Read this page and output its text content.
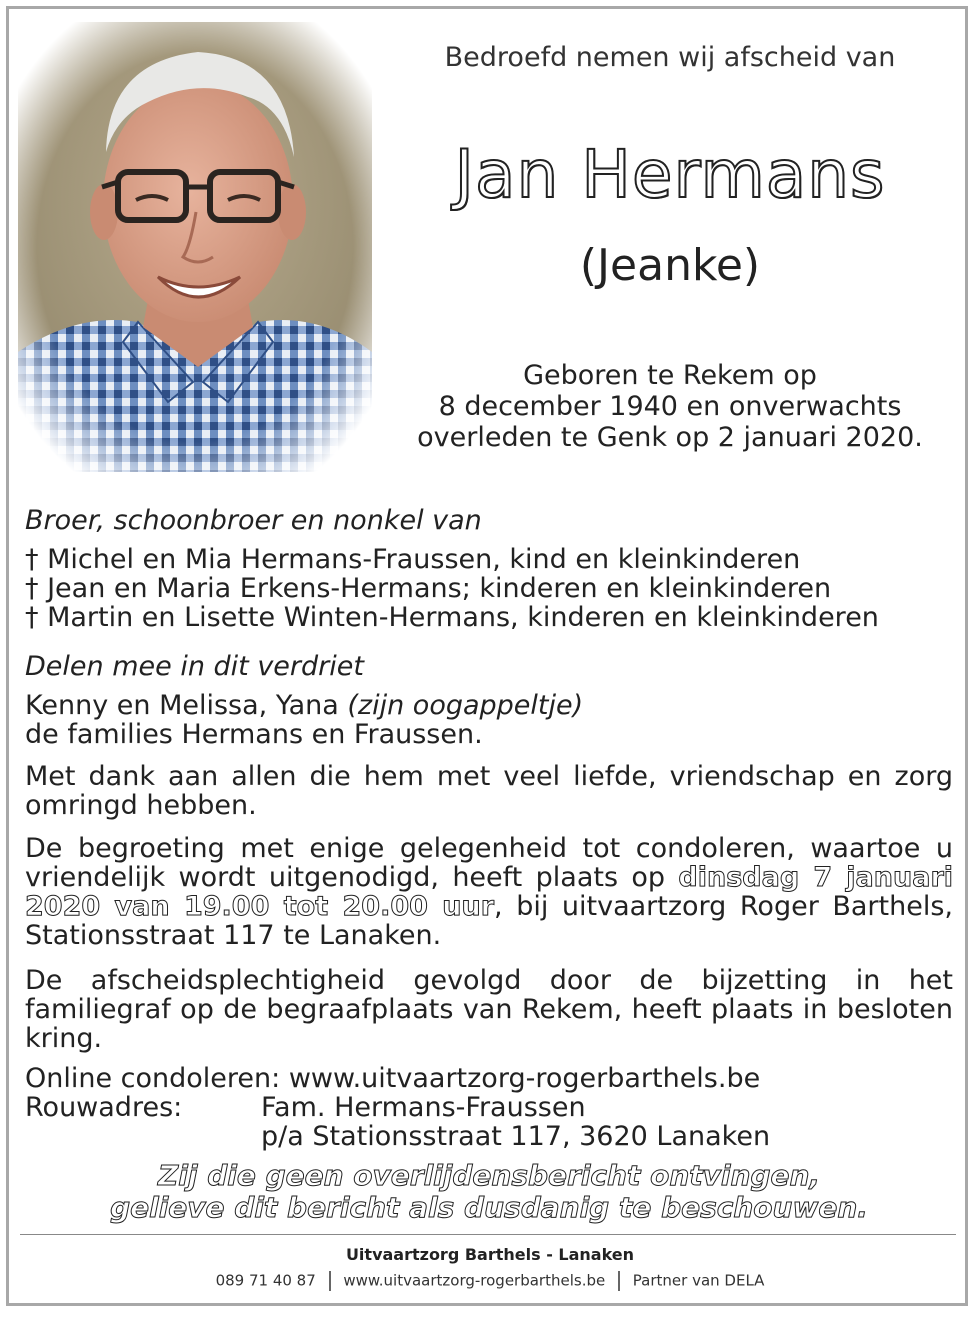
Bedroefd nemen wij afscheid van
Jan Hermans
(Jeanke)
Geboren te Rekem op
8 december 1940 en onverwachts
overleden te Genk op 2 januari 2020.
Broer, schoonbroer en nonkel van
† Michel en Mia Hermans-Fraussen, kind en kleinkinderen
† Jean en Maria Erkens-Hermans; kinderen en kleinkinderen
† Martin en Lisette Winten-Hermans, kinderen en kleinkinderen
Delen mee in dit verdriet
Kenny en Melissa, Yana (zijn oogappeltje)
de families Hermans en Fraussen.
Met dank aan allen die hem met veel liefde, vriendschap en zorg omringd hebben.
De begroeting met enige gelegenheid tot condoleren, waartoe u vriendelijk wordt uitgenodigd, heeft plaats op dinsdag 7 januari 2020 van 19.00 tot 20.00 uur, bij uitvaartzorg Roger Barthels, Stationsstraat 117 te Lanaken.
De afscheidsplechtigheid gevolgd door de bijzetting in het familiegraf op de begraafplaats van Rekem, heeft plaats in besloten kring.
Online condoleren: www.uitvaartzorg-rogerbarthels.be
Rouwadres:	Fam. Hermans-Fraussen
p/a Stationsstraat 117, 3620 Lanaken
Zij die geen overlijdensbericht ontvingen,
gelieve dit bericht als dusdanig te beschouwen.
Uitvaartzorg Barthels - Lanaken
089 71 40 87 www.uitvaartzorg-rogerbarthels.be Partner van DELA
